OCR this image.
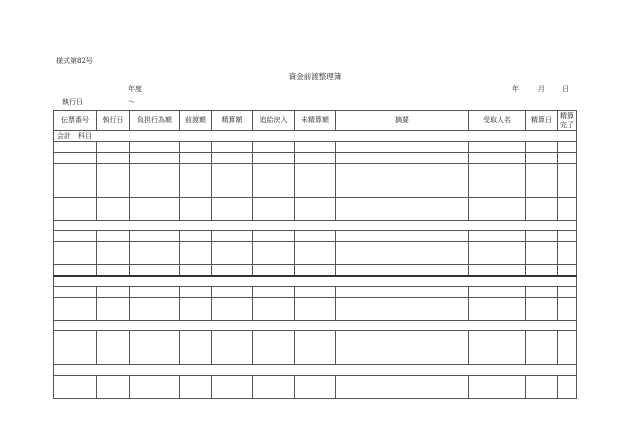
様式第82号
資金前渡整理簿
年度	年	月 日
執行日	～
伝票番号	執行日	負担行為額	前渡額	精算額	追給戻入	未精算額	摘要	受取人名	精算日	精算 完了
会計　科目										
